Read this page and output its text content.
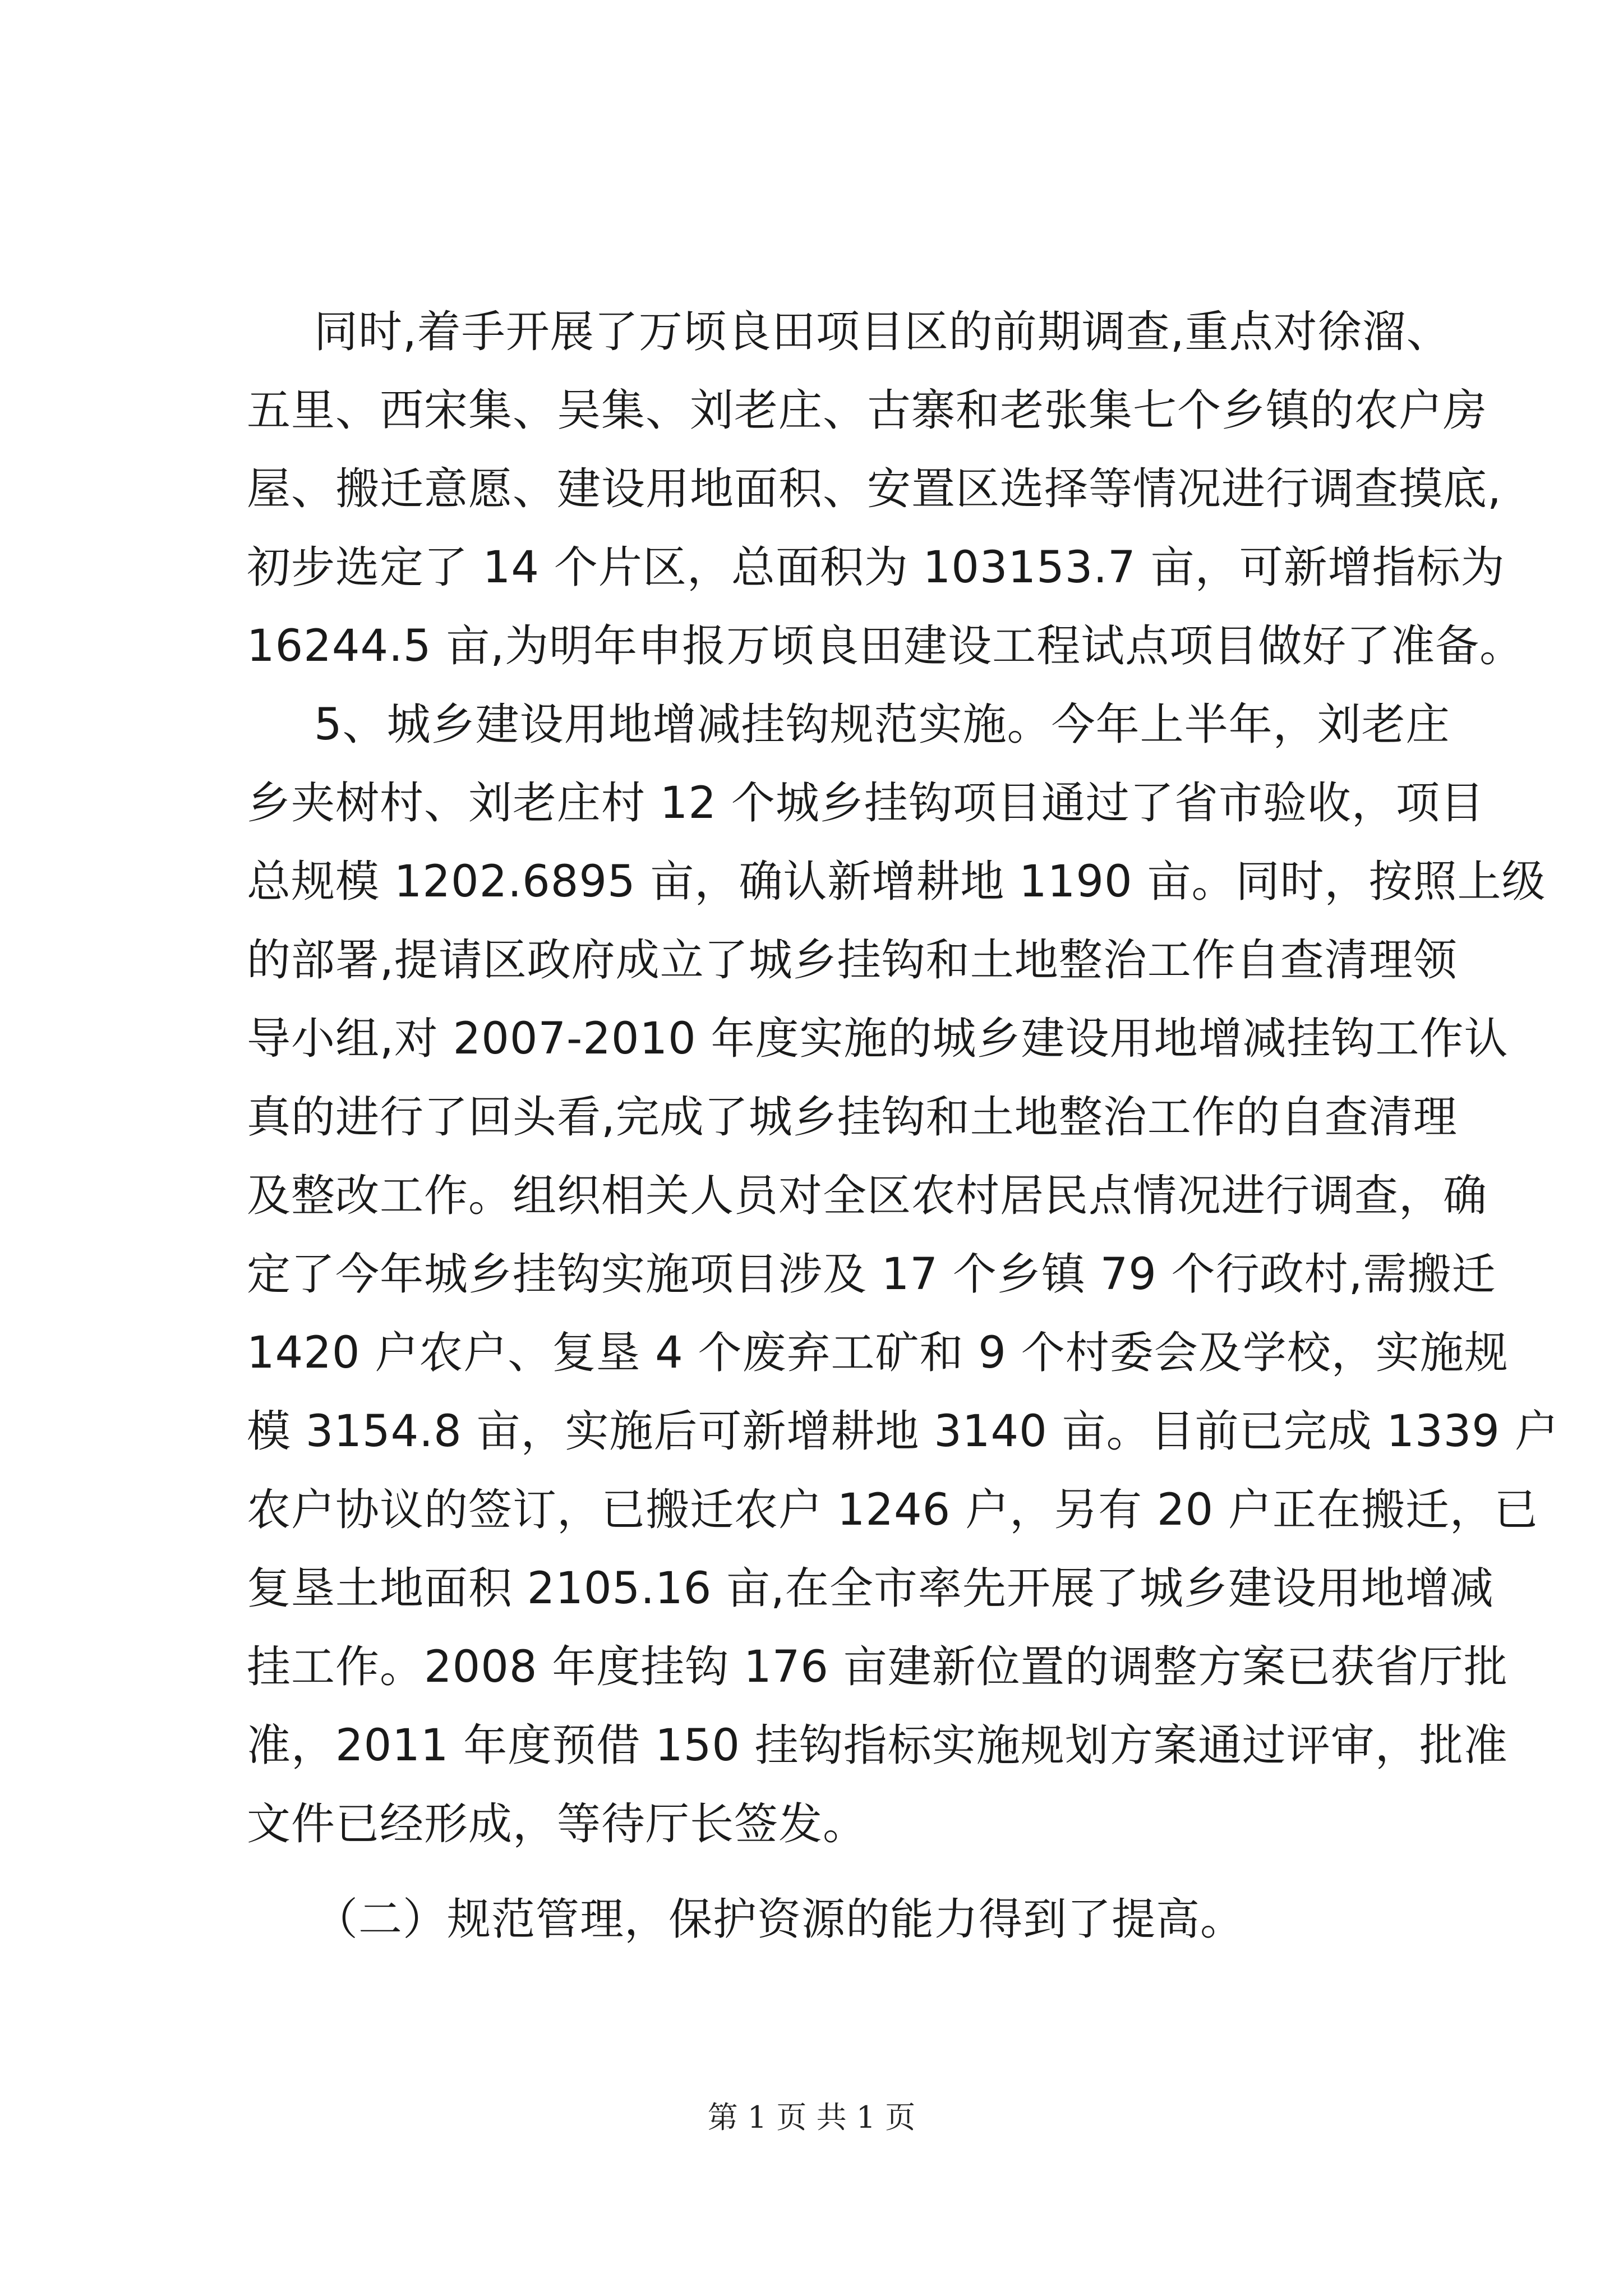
同时,着手开展了万顷良田项目区的前期调查,重点对徐溜、
五里、西宋集、吴集、刘老庄、古寨和老张集七个乡镇的农户房
屋、搬迁意愿、建设用地面积、安置区选择等情况进行调查摸底,
初步选定了 14 个片区，总面积为 103153.7 亩，可新增指标为
16244.5 亩,为明年申报万顷良田建设工程试点项目做好了准备。
5、城乡建设用地增减挂钩规范实施。今年上半年，刘老庄
乡夹树村、刘老庄村 12 个城乡挂钩项目通过了省市验收，项目
总规模 1202.6895 亩，确认新增耕地 1190 亩。同时，按照上级
的部署,提请区政府成立了城乡挂钩和土地整治工作自查清理领
导小组,对 2007-2010 年度实施的城乡建设用地增减挂钩工作认
真的进行了回头看,完成了城乡挂钩和土地整治工作的自查清理
及整改工作。组织相关人员对全区农村居民点情况进行调查，确
定了今年城乡挂钩实施项目涉及 17 个乡镇 79 个行政村,需搬迁
1420 户农户、复垦 4 个废弃工矿和 9 个村委会及学校，实施规
模 3154.8 亩，实施后可新增耕地 3140 亩。目前已完成 1339 户
农户协议的签订，已搬迁农户 1246 户，另有 20 户正在搬迁，已
复垦土地面积 2105.16 亩,在全市率先开展了城乡建设用地增减
挂工作。2008 年度挂钩 176 亩建新位置的调整方案已获省厅批
准，2011 年度预借 150 挂钩指标实施规划方案通过评审，批准
文件已经形成，等待厅长签发。
（二）规范管理，保护资源的能力得到了提高。
第 1 页 共 1 页
